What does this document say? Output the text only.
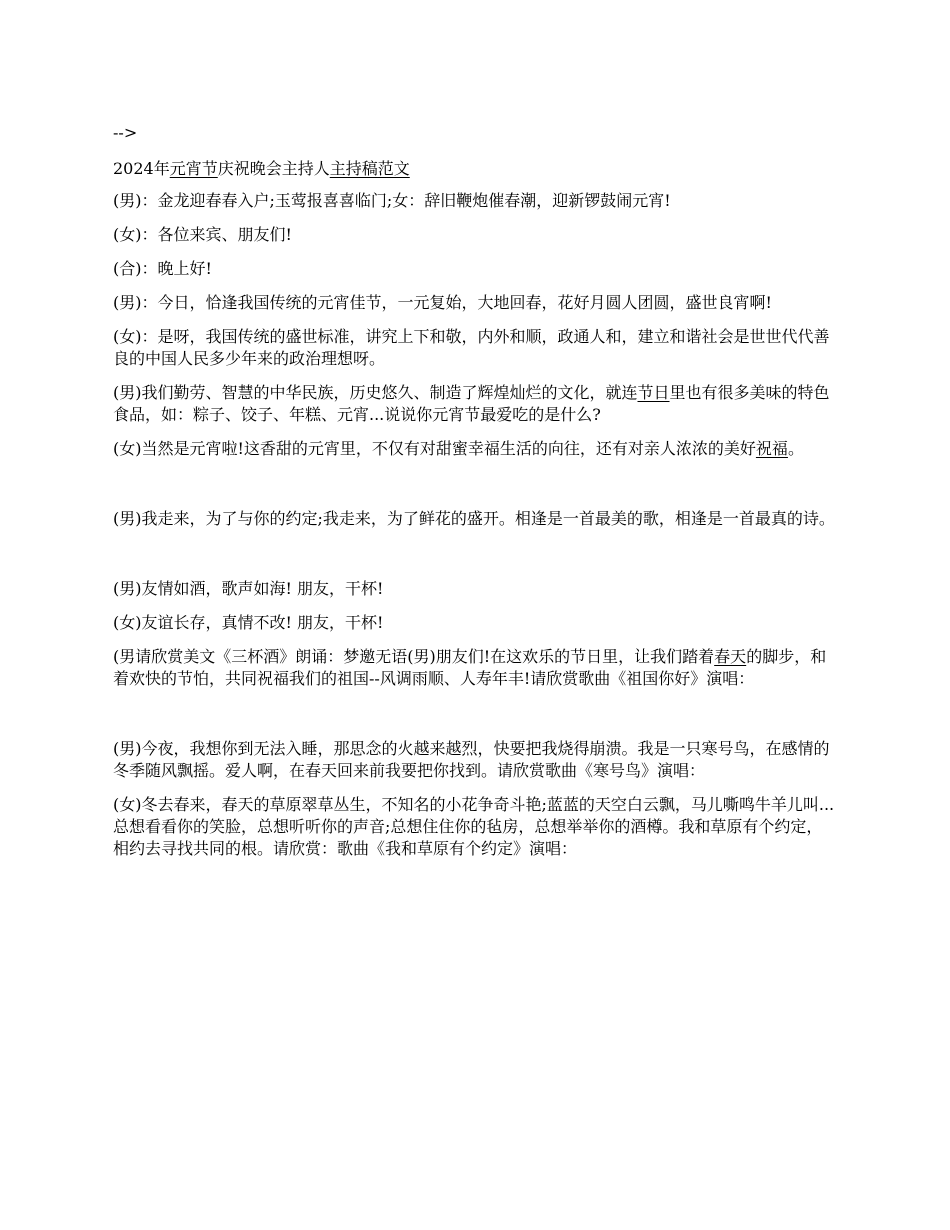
-->
2024年元宵节庆祝晚会主持人主持稿范文

(男)：金龙迎春春入户;玉莺报喜喜临门;女：辞旧鞭炮催春潮，迎新锣鼓闹元宵!

(女)：各位来宾、朋友们!

(合)：晚上好!

(男)：今日，恰逢我国传统的元宵佳节，一元复始，大地回春，花好月圆人团圆，盛世良宵啊!

(女)：是呀，我国传统的盛世标准，讲究上下和敬，内外和顺，政通人和，建立和谐社会是世世代代善良的中国人民多少年来的政治理想呀。

(男)我们勤劳、智慧的中华民族，历史悠久、制造了辉煌灿烂的文化，就连节日里也有很多美味的特色食品，如：粽子、饺子、年糕、元宵...说说你元宵节最爱吃的是什么?

(女)当然是元宵啦!这香甜的元宵里，不仅有对甜蜜幸福生活的向往，还有对亲人浓浓的美好祝福。

(男)我走来，为了与你的约定;我走来，为了鲜花的盛开。相逢是一首最美的歌，相逢是一首最真的诗。

(男)友情如酒，歌声如海! 朋友，干杯!

(女)友谊长存，真情不改! 朋友，干杯!

(男请欣赏美文《三杯酒》朗诵：梦邀无语(男)朋友们!在这欢乐的节日里，让我们踏着春天的脚步，和着欢快的节怕，共同祝福我们的祖国--风调雨顺、人寿年丰!请欣赏歌曲《祖国你好》演唱：

(男)今夜，我想你到无法入睡，那思念的火越来越烈，快要把我烧得崩溃。我是一只寒号鸟，在感情的冬季随风飘摇。爱人啊，在春天回来前我要把你找到。请欣赏歌曲《寒号鸟》演唱：

(女)冬去春来，春天的草原翠草丛生，不知名的小花争奇斗艳;蓝蓝的天空白云飘，马儿嘶鸣牛羊儿叫...总想看看你的笑脸，总想听听你的声音;总想住住你的毡房，总想举举你的酒樽。我和草原有个约定，相约去寻找共同的根。请欣赏：歌曲《我和草原有个约定》演唱：
